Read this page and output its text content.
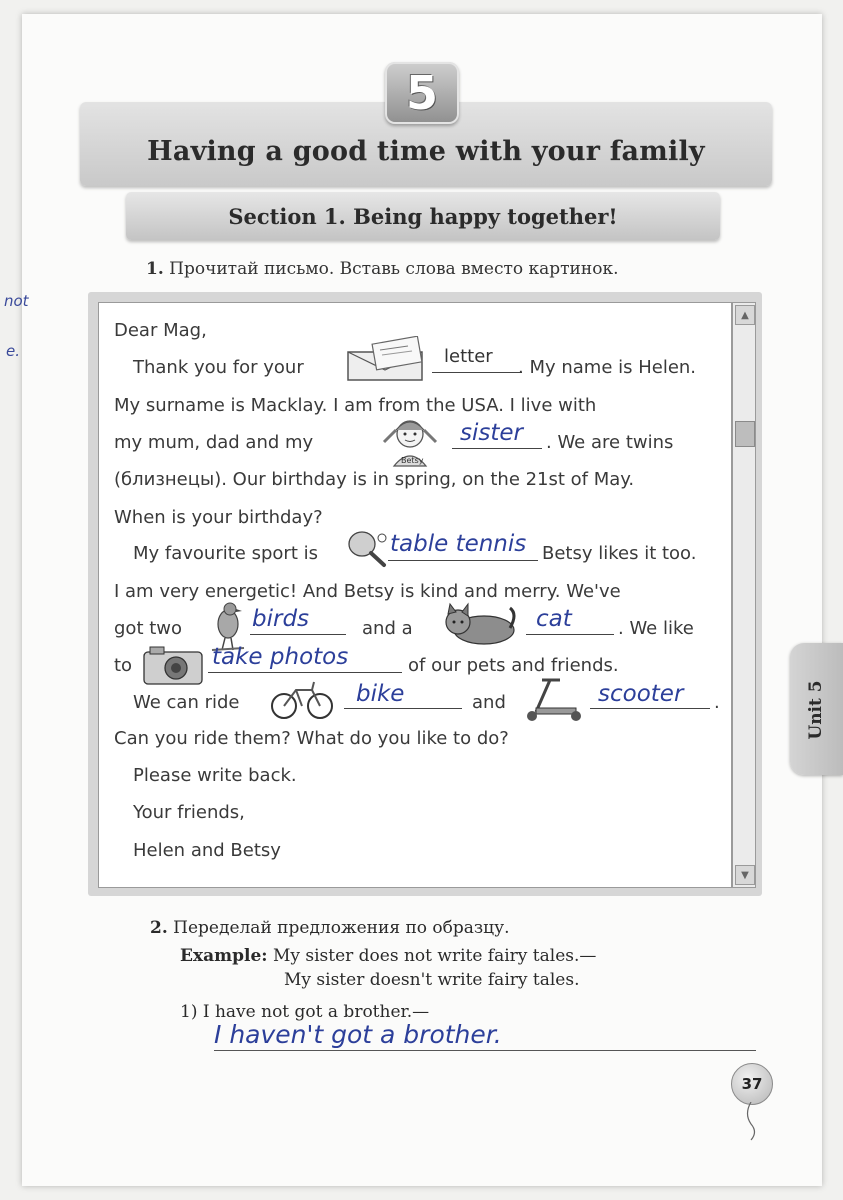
not
e.
5
Having a good time with your family
Section 1. Being happy together!
1. Прочитай письмо. Вставь слова вместо картинок.
▲
▼
Dear Mag,
Thank you for your
letter
. My name is Helen.
My surname is Macklay. I am from the USA. I live with
my mum, dad and my
Betsy
sister . We are twins
(близнецы). Our birthday is in spring, on the 21st of May.
When is your birthday?
My favourite sport is	table tennis Betsy likes it too.
I am very energetic! And Betsy is kind and merry. We've
got two	birds	and a	cat	. We like
to	take photos	of our pets and friends.
We can ride	bike	and	scooter .
Can you ride them? What do you like to do?
Please write back.
Your friends,
Helen and Betsy
2. Переделай предложения по образцу.
Example: My sister does not write fairy tales.—
My sister doesn't write fairy tales.
1) I have not got a brother.—
I haven't got a brother.
Unit 5
37
